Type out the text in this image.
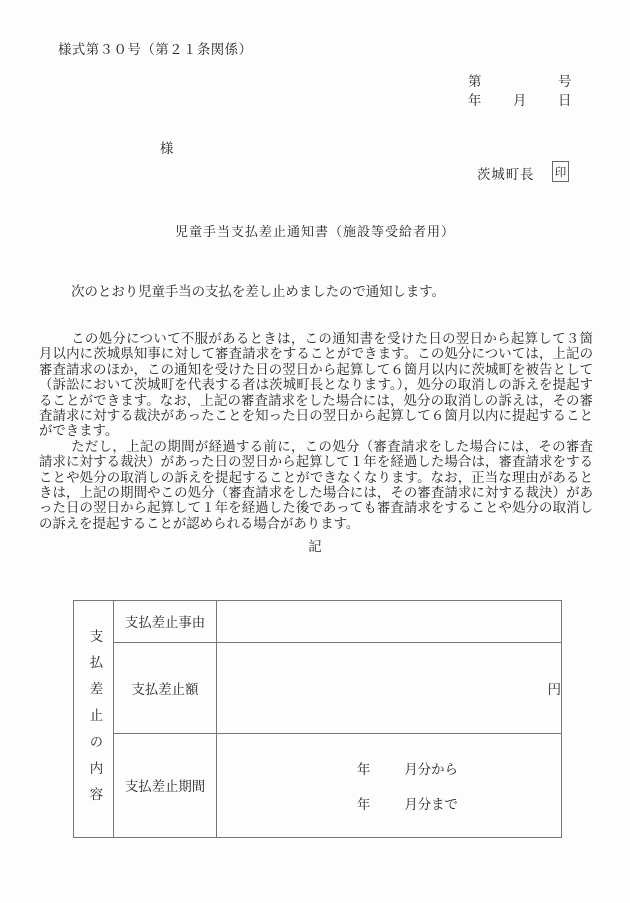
様式第３０号（第２１条関係）
第	号
年 月 日
様
茨城町長 印
児童手当支払差止通知書（施設等受給者用）
次のとおり児童手当の支払を差し止めましたので通知します。

この処分について不服があるときは，この通知書を受けた日の翌日から起算して３箇月以内に茨城県知事に対して審査請求をすることができます。この処分については，上記の審査請求のほか，この通知を受けた日の翌日から起算して６箇月以内に茨城町を被告として（訴訟において茨城町を代表する者は茨城町長となります。），処分の取消しの訴えを提起することができます。なお，上記の審査請求をした場合には，処分の取消しの訴えは，その審査請求に対する裁決があったことを知った日の翌日から起算して６箇月以内に提起することができます。

ただし，上記の期間が経過する前に，この処分（審査請求をした場合には，その審査請求に対する裁決）があった日の翌日から起算して１年を経過した場合は，審査請求をすることや処分の取消しの訴えを提起することができなくなります。なお，正当な理由があるときは，上記の期間やこの処分（審査請求をした場合には，その審査請求に対する裁決）があった日の翌日から起算して１年を経過した後であっても審査請求をすることや処分の取消しの訴えを提起することが認められる場合があります。

記
支払差止の内容	支払差止事由	
	支払差止額	円
	支払差止期間	年 月分から
年 月分まで
